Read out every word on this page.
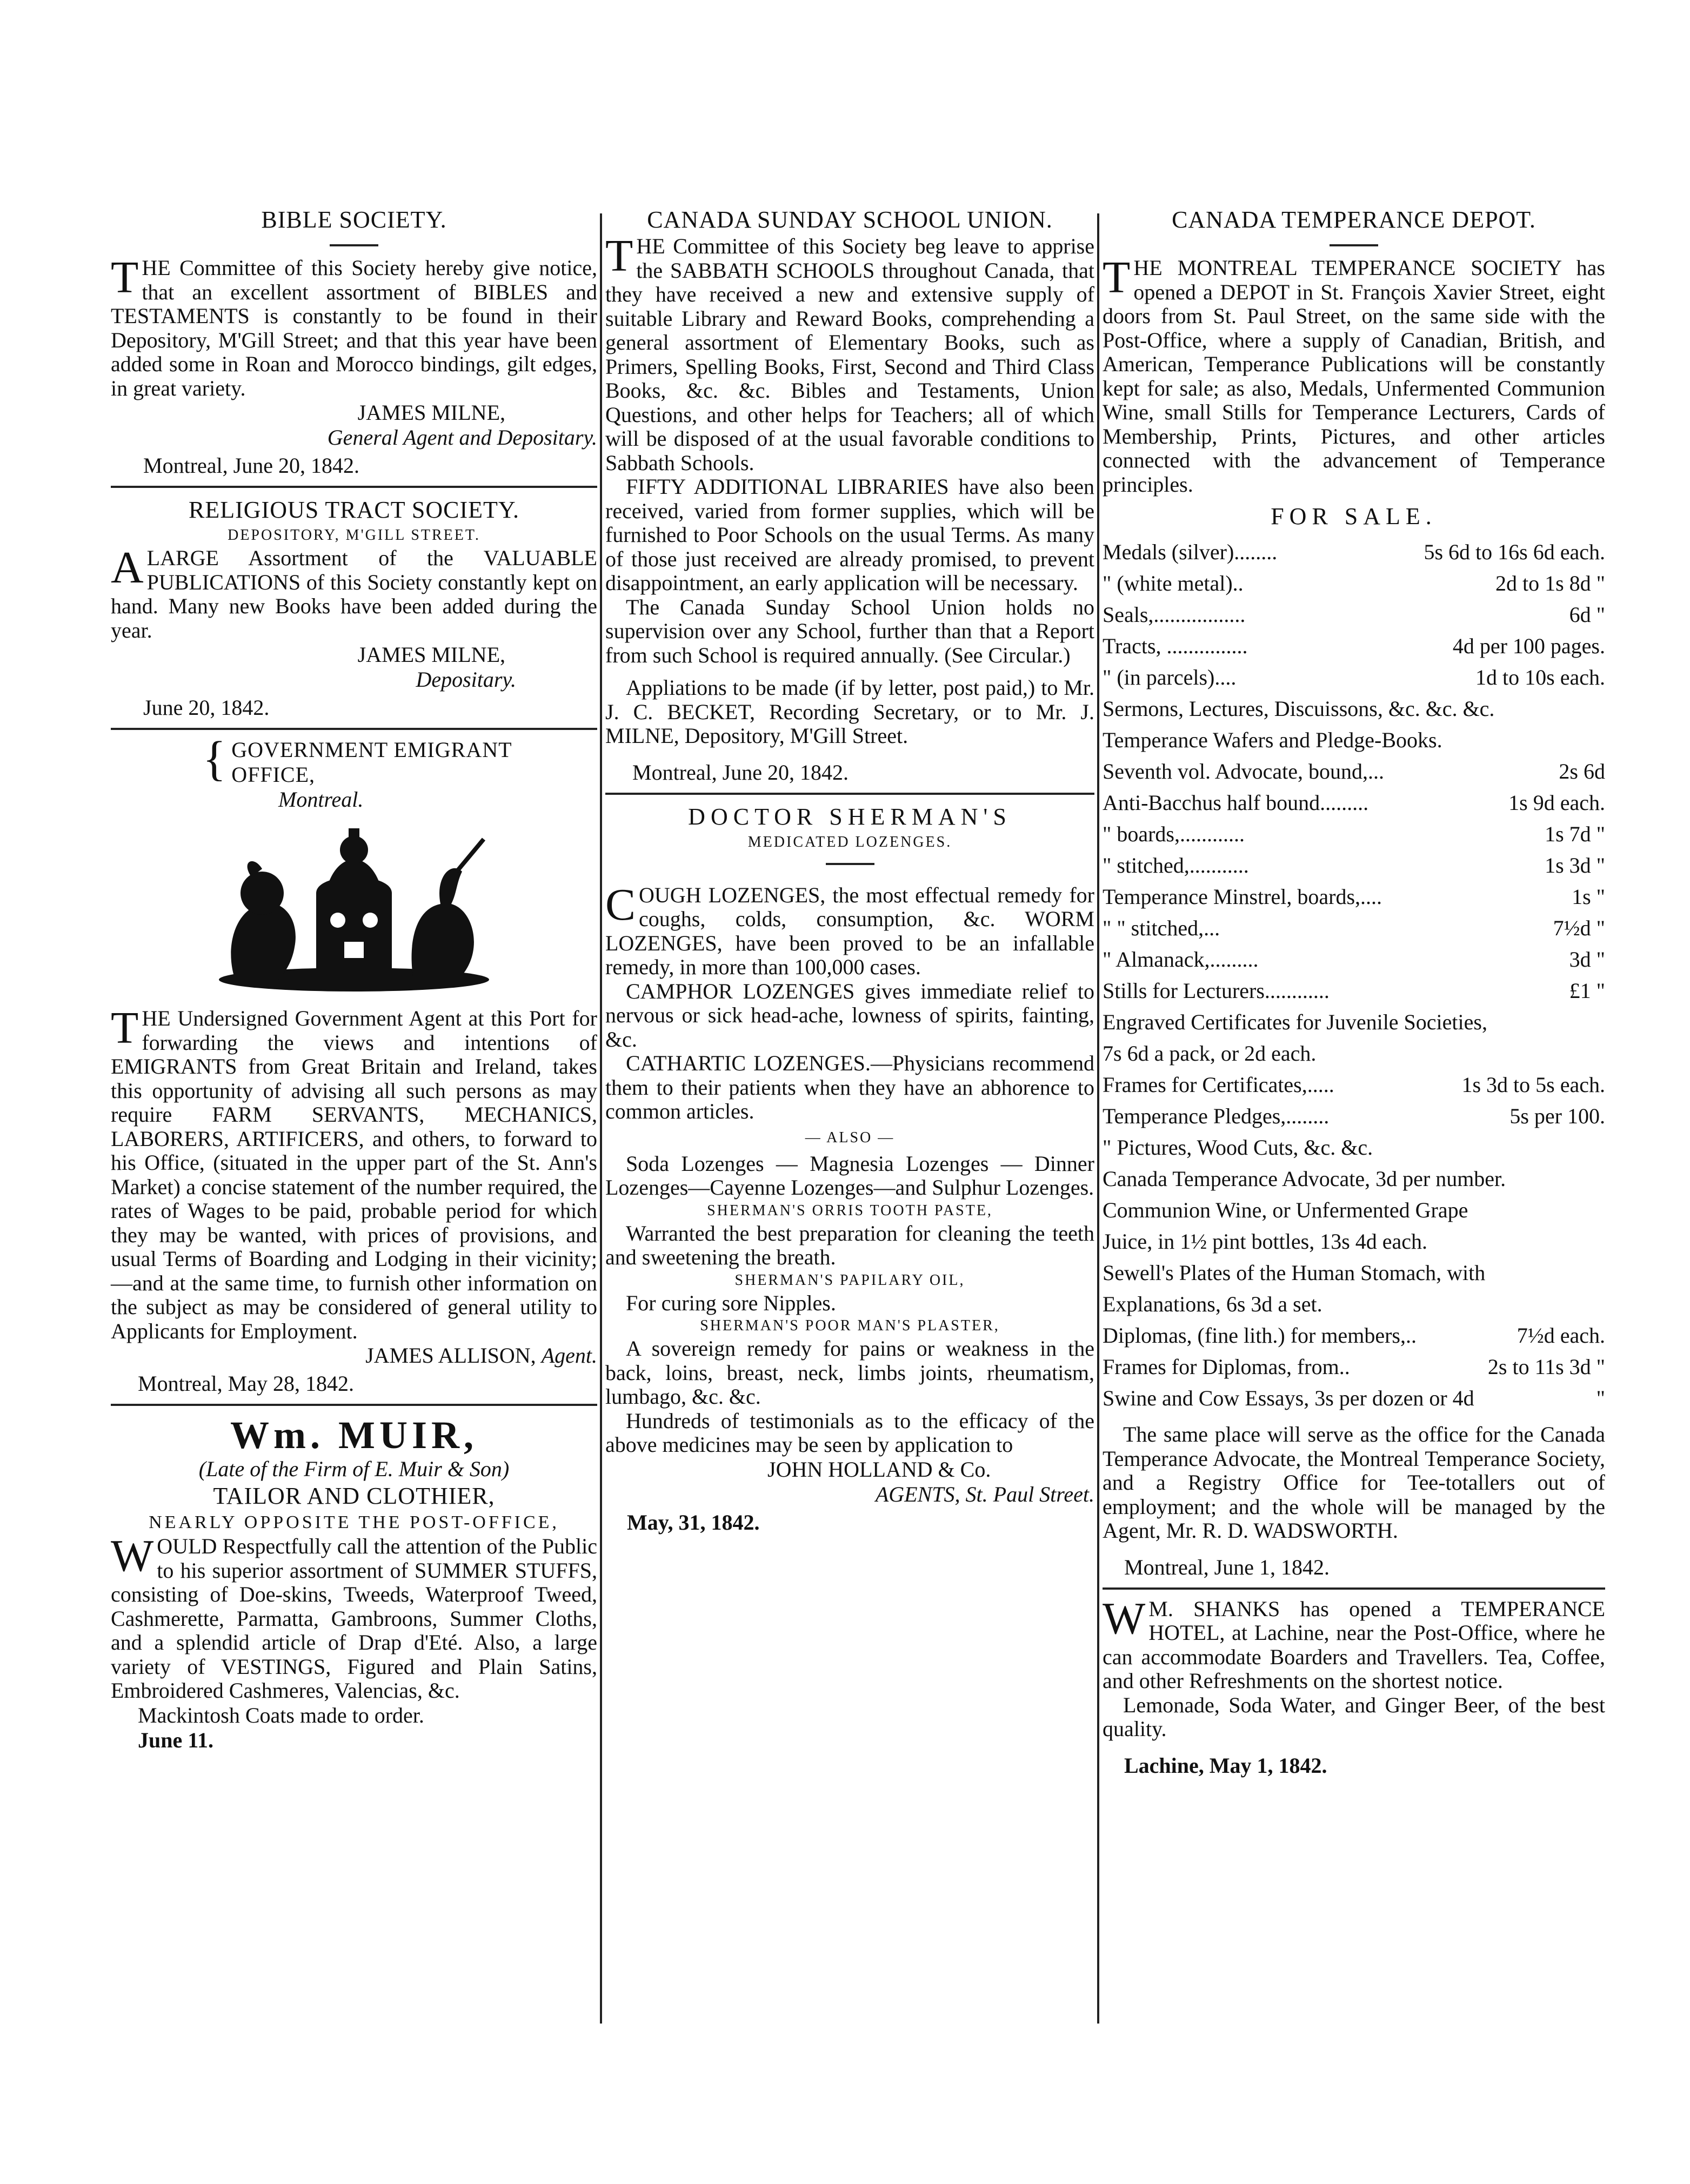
BIBLE SOCIETY.

THE Committee of this Society hereby give notice, that an excellent assortment of BIBLES and TESTAMENTS is constantly to be found in their Depository, M'Gill Street; and that this year have been added some in Roan and Morocco bindings, gilt edges, in great variety.

JAMES MILNE,
General Agent and Depositary.
Montreal, June 20, 1842.
RELIGIOUS TRACT SOCIETY.
DEPOSITORY, M'GILL STREET.

ALARGE Assortment of the VALUABLE PUBLICATIONS of this Society constantly kept on hand. Many new Books have been added during the year.

JAMES MILNE,
Depositary.
June 20, 1842.
{ GOVERNMENT EMIGRANT OFFICE,
Montreal.

THE Undersigned Government Agent at this Port for forwarding the views and intentions of EMIGRANTS from Great Britain and Ireland, takes this opportunity of advising all such persons as may require FARM SERVANTS, MECHANICS, LABORERS, ARTIFICERS, and others, to forward to his Office, (situated in the upper part of the St. Ann's Market) a concise statement of the number required, the rates of Wages to be paid, probable period for which they may be wanted, with prices of provisions, and usual Terms of Boarding and Lodging in their vicinity;—and at the same time, to furnish other information on the subject as may be considered of general utility to Applicants for Employment.

JAMES ALLISON, Agent.
Montreal, May 28, 1842.
Wm. MUIR,
(Late of the Firm of E. Muir & Son)
TAILOR AND CLOTHIER,
NEARLY OPPOSITE THE POST-OFFICE,

WOULD Respectfully call the attention of the Public to his superior assortment of SUMMER STUFFS, consisting of Doe-skins, Tweeds, Waterproof Tweed, Cashmerette, Parmatta, Gambroons, Summer Cloths, and a splendid article of Drap d'Eté. Also, a large variety of VESTINGS, Figured and Plain Satins, Embroidered Cashmeres, Valencias, &c.

Mackintosh Coats made to order.
June 11.
CANADA SUNDAY SCHOOL UNION.

THE Committee of this Society beg leave to apprise the SABBATH SCHOOLS throughout Canada, that they have received a new and extensive supply of suitable Library and Reward Books, comprehending a general assortment of Elementary Books, such as Primers, Spelling Books, First, Second and Third Class Books, &c. &c. Bibles and Testaments, Union Questions, and other helps for Teachers; all of which will be disposed of at the usual favorable conditions to Sabbath Schools.

FIFTY ADDITIONAL LIBRARIES have also been received, varied from former supplies, which will be furnished to Poor Schools on the usual Terms. As many of those just received are already promised, to prevent disappointment, an early application will be necessary.

The Canada Sunday School Union holds no supervision over any School, further than that a Report from such School is required annually. (See Circular.)

Appliations to be made (if by letter, post paid,) to Mr. J. C. BECKET, Recording Secretary, or to Mr. J. MILNE, Depository, M'Gill Street.

Montreal, June 20, 1842.
DOCTOR SHERMAN'S
MEDICATED LOZENGES.

COUGH LOZENGES, the most effectual remedy for coughs, colds, consumption, &c. WORM LOZENGES, have been proved to be an infallable remedy, in more than 100,000 cases.

CAMPHOR LOZENGES gives immediate relief to nervous or sick head-ache, lowness of spirits, fainting, &c.

CATHARTIC LOZENGES.—Physicians recommend them to their patients when they have an abhorence to common articles.

— ALSO —

Soda Lozenges — Magnesia Lozenges — Dinner Lozenges—Cayenne Lozenges—and Sulphur Lozenges.

SHERMAN'S ORRIS TOOTH PASTE,

Warranted the best preparation for cleaning the teeth and sweetening the breath.

SHERMAN'S PAPILARY OIL,

For curing sore Nipples.

SHERMAN'S POOR MAN'S PLASTER,

A sovereign remedy for pains or weakness in the back, loins, breast, neck, limbs joints, rheumatism, lumbago, &c. &c.

Hundreds of testimonials as to the efficacy of the above medicines may be seen by application to

JOHN HOLLAND & Co.
AGENTS, St. Paul Street.
May, 31, 1842.
CANADA TEMPERANCE DEPOT.

THE MONTREAL TEMPERANCE SOCIETY has opened a DEPOT in St. François Xavier Street, eight doors from St. Paul Street, on the same side with the Post-Office, where a supply of Canadian, British, and American, Temperance Publications will be constantly kept for sale; as also, Medals, Unfermented Communion Wine, small Stills for Temperance Lecturers, Cards of Membership, Prints, Pictures, and other articles connected with the advancement of Temperance principles.

FOR SALE.
Medals (silver)........	5s 6d to 16s 6d each.
" (white metal)..	2d to 1s 8d "
Seals,.................	6d "
Tracts, ...............	4d per 100 pages.
" (in parcels)....	1d to 10s each.
Sermons, Lectures, Discuissons, &c. &c. &c.
Temperance Wafers and Pledge-Books.
Seventh vol. Advocate, bound,...	2s 6d
Anti-Bacchus half bound.........	1s 9d each.
" boards,............	1s 7d "
" stitched,...........	1s 3d "
Temperance Minstrel, boards,....	1s "
" " stitched,...	7½d "
" Almanack,.........	3d "
Stills for Lecturers............	£1 "
Engraved Certificates for Juvenile Societies,
7s 6d a pack, or 2d each.
Frames for Certificates,.....	1s 3d to 5s each.
Temperance Pledges,........	5s per 100.
" Pictures, Wood Cuts, &c. &c.
Canada Temperance Advocate, 3d per number.
Communion Wine, or Unfermented Grape
Juice, in 1½ pint bottles, 13s 4d each.
Sewell's Plates of the Human Stomach, with
Explanations, 6s 3d a set.
Diplomas, (fine lith.) for members,..	7½d each.
Frames for Diplomas, from..	2s to 11s 3d "
Swine and Cow Essays, 3s per dozen or 4d	"

The same place will serve as the office for the Canada Temperance Advocate, the Montreal Temperance Society, and a Registry Office for Tee-totallers out of employment; and the whole will be managed by the Agent, Mr. R. D. WADSWORTH.

Montreal, June 1, 1842.

W M. SHANKS has opened a TEMPERANCE HOTEL, at Lachine, near the Post-Office, where he can accommodate Boarders and Travellers. Tea, Coffee, and other Refreshments on the shortest notice.

Lemonade, Soda Water, and Ginger Beer, of the best quality.

Lachine, May 1, 1842.
